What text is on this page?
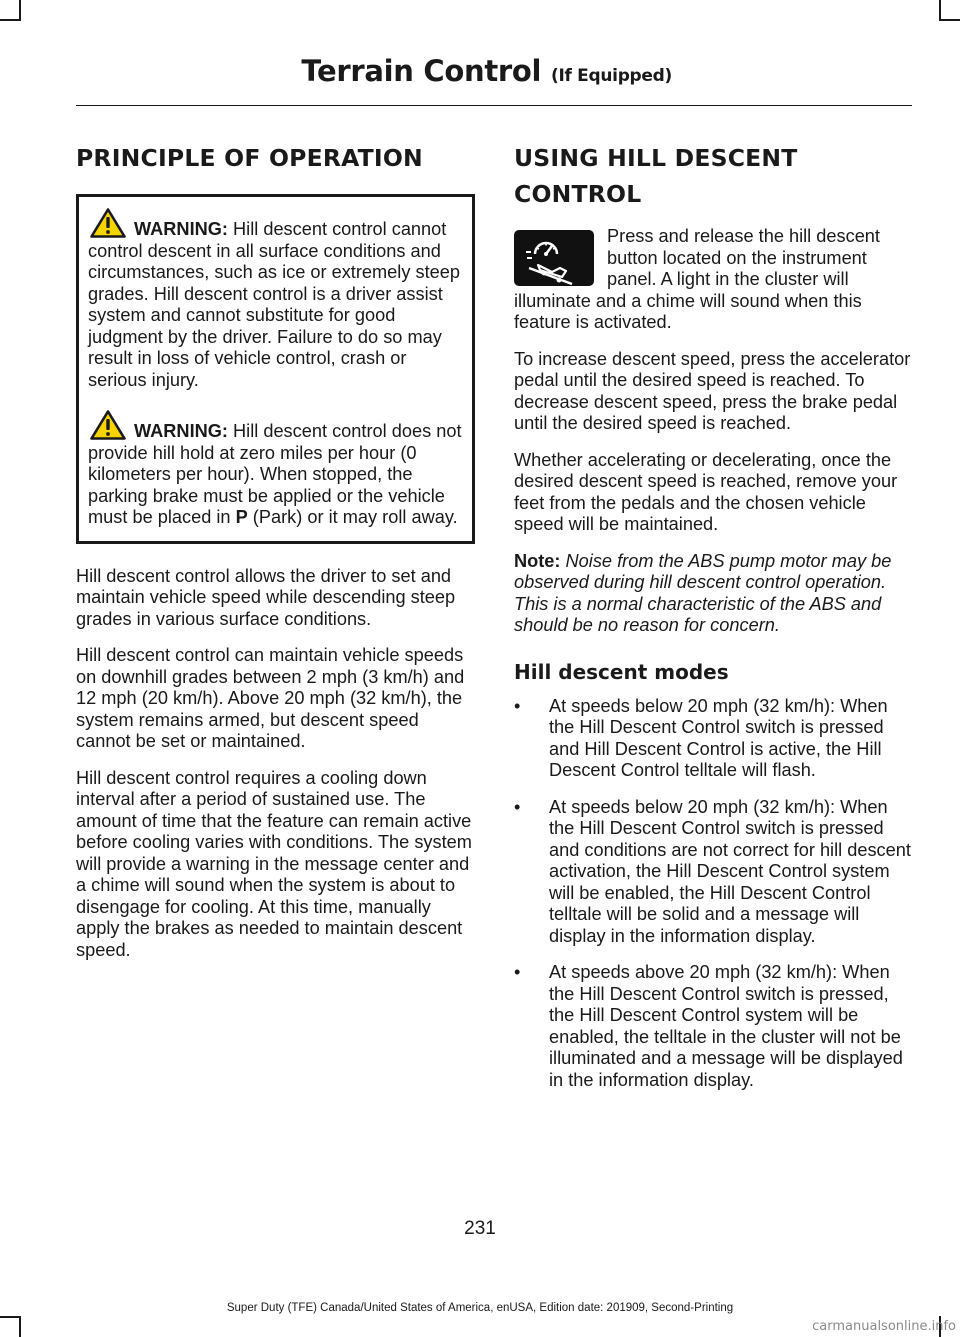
Terrain Control (If Equipped)
PRINCIPLE OF OPERATION

WARNING: Hill descent control cannot control descent in all surface conditions and circumstances, such as ice or extremely steep grades. Hill descent control is a driver assist system and cannot substitute for good judgment by the driver. Failure to do so may result in loss of vehicle control, crash or serious injury.

WARNING: Hill descent control does not provide hill hold at zero miles per hour (0 kilometers per hour). When stopped, the parking brake must be applied or the vehicle must be placed in P (Park) or it may roll away.

Hill descent control allows the driver to set and maintain vehicle speed while descending steep grades in various surface conditions.

Hill descent control can maintain vehicle speeds on downhill grades between 2 mph (3 km/h) and 12 mph (20 km/h). Above 20 mph (32 km/h), the system remains armed, but descent speed cannot be set or maintained.

Hill descent control requires a cooling down interval after a period of sustained use. The amount of time that the feature can remain active before cooling varies with conditions. The system will provide a warning in the message center and a chime will sound when the system is about to disengage for cooling. At this time, manually apply the brakes as needed to maintain descent speed.

USING HILL DESCENT CONTROL

Press and release the hill descent button located on the instrument panel. A light in the cluster will illuminate and a chime will sound when this feature is activated.

To increase descent speed, press the accelerator pedal until the desired speed is reached. To decrease descent speed, press the brake pedal until the desired speed is reached.

Whether accelerating or decelerating, once the desired descent speed is reached, remove your feet from the pedals and the chosen vehicle speed will be maintained.

Note: Noise from the ABS pump motor may be observed during hill descent control operation. This is a normal characteristic of the ABS and should be no reason for concern.

Hill descent modes
• At speeds below 20 mph (32 km/h): When the Hill Descent Control switch is pressed and Hill Descent Control is active, the Hill Descent Control telltale will flash.
• At speeds below 20 mph (32 km/h): When the Hill Descent Control switch is pressed and conditions are not correct for hill descent activation, the Hill Descent Control system will be enabled, the Hill Descent Control telltale will be solid and a message will display in the information display.
• At speeds above 20 mph (32 km/h): When the Hill Descent Control switch is pressed, the Hill Descent Control system will be enabled, the telltale in the cluster will not be illuminated and a message will be displayed in the information display.
231
Super Duty (TFE) Canada/United States of America, enUSA, Edition date: 201909, Second-Printing
carmanualsonline.info
